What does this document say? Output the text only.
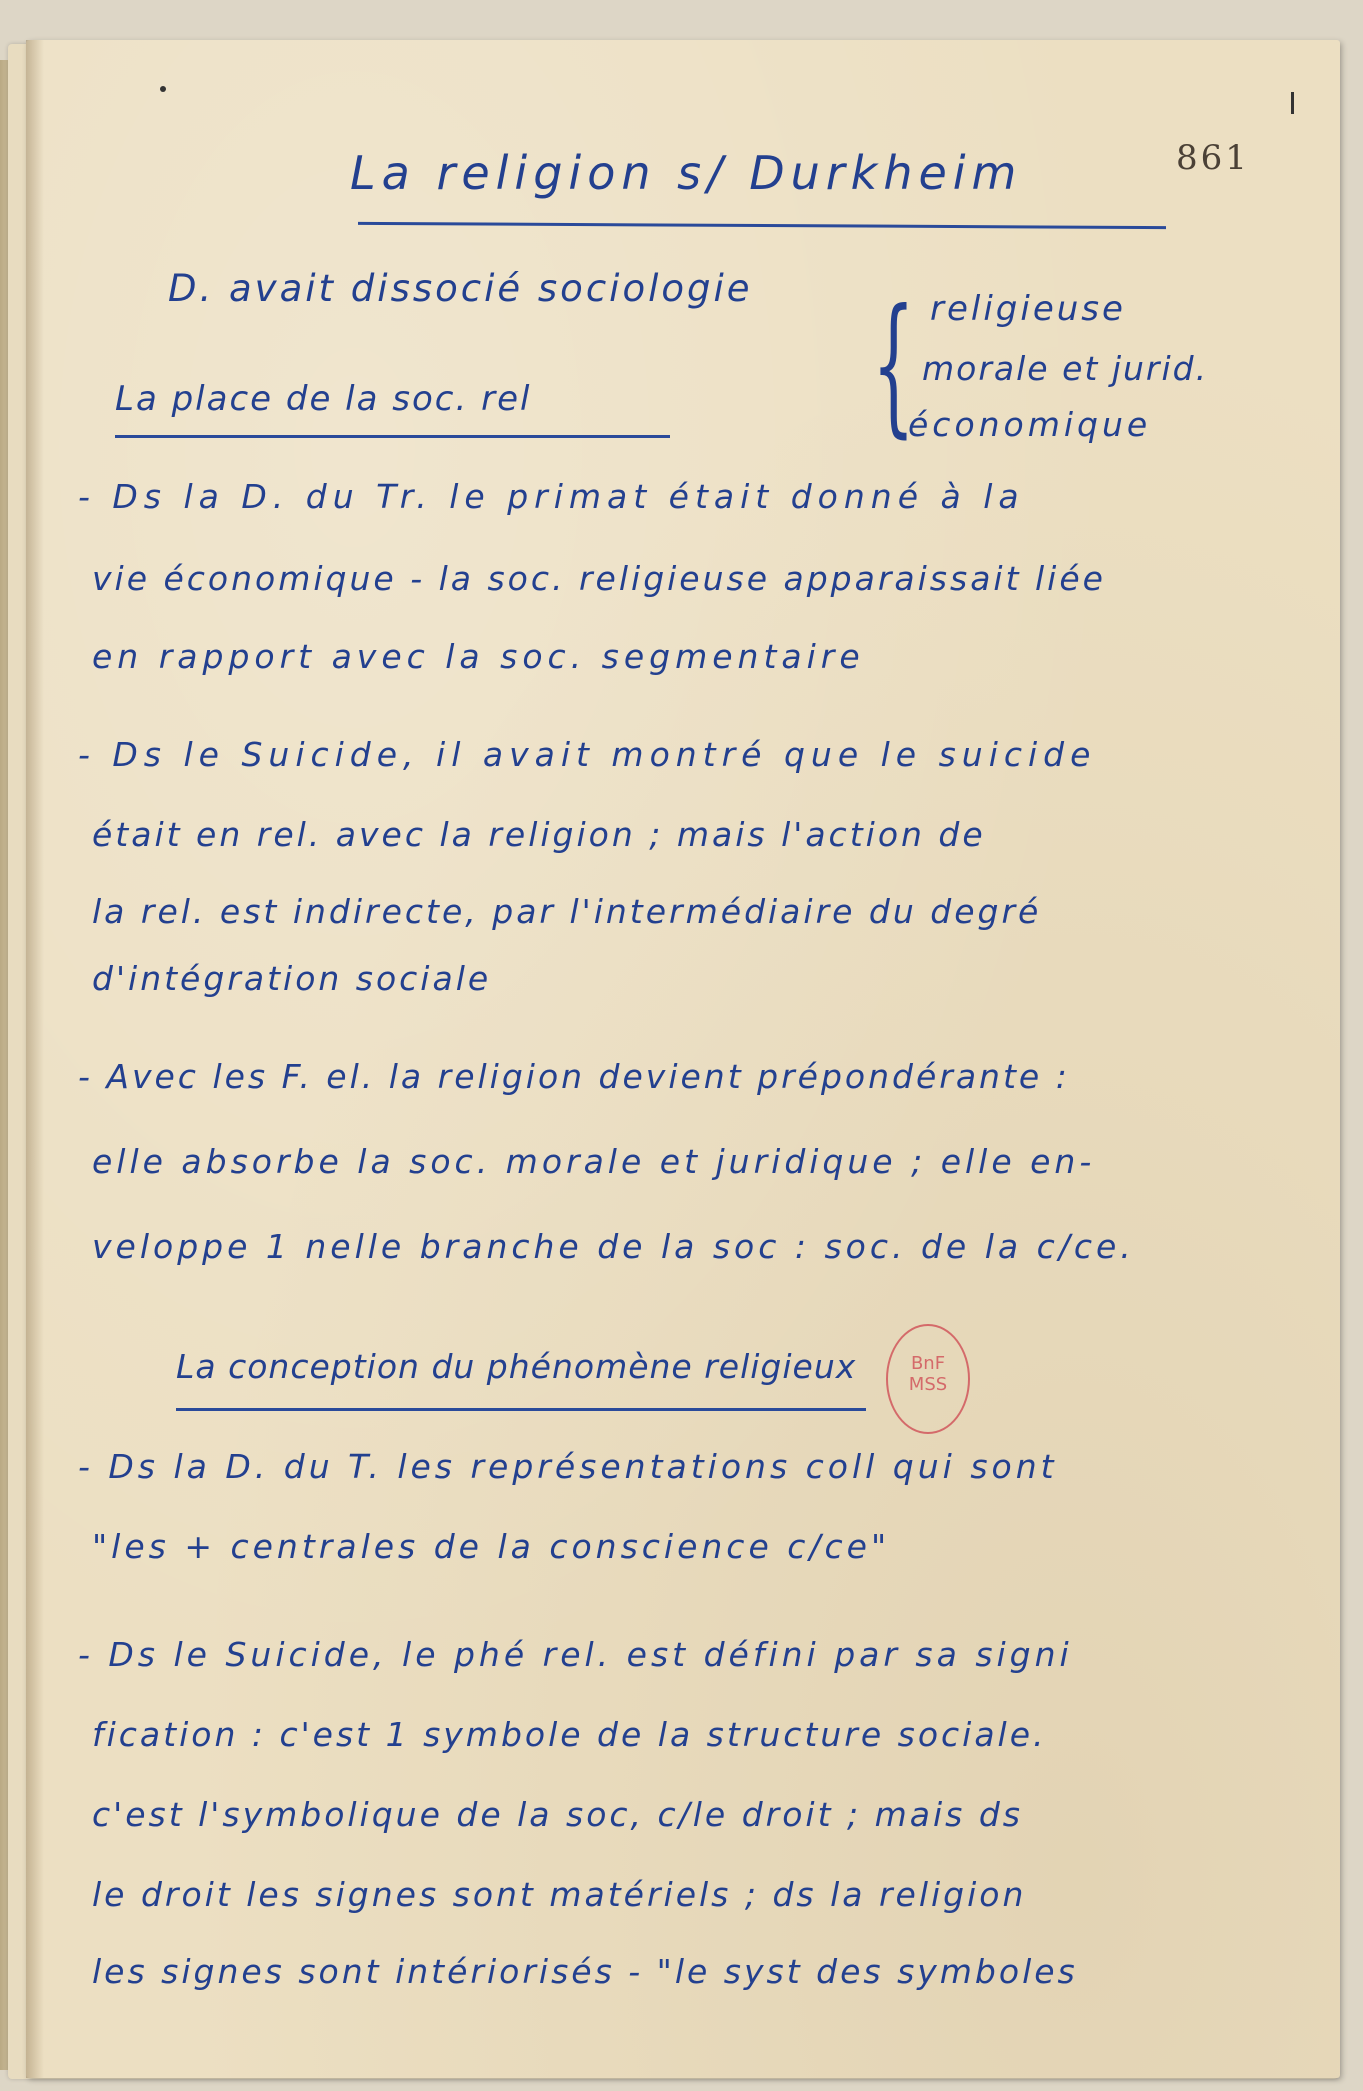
861
La religion s/ Durkheim
D. avait dissocié sociologie { religieuse
morale et jurid.
économique
La place de la soc. rel
- Ds la D. du Tr. le primat était donné à la
vie économique - la soc. religieuse apparaissait liée
en rapport avec la soc. segmentaire
- Ds le Suicide, il avait montré que le suicide
était en rel. avec la religion ; mais l'action de
la rel. est indirecte, par l'intermédiaire du degré
d'intégration sociale
- Avec les F. el. la religion devient prépondérante :
elle absorbe la soc. morale et juridique ; elle en-
veloppe 1 nelle branche de la soc : soc. de la c/ce.
La conception du phénomène religieux	BnF
MSS
- Ds la D. du T. les représentations coll qui sont
"les + centrales de la conscience c/ce"
- Ds le Suicide, le phé rel. est défini par sa signi
fication : c'est 1 symbole de la structure sociale.
c'est l'symbolique de la soc, c/le droit ; mais ds
le droit les signes sont matériels ; ds la religion
les signes sont intériorisés - "le syst des symboles
